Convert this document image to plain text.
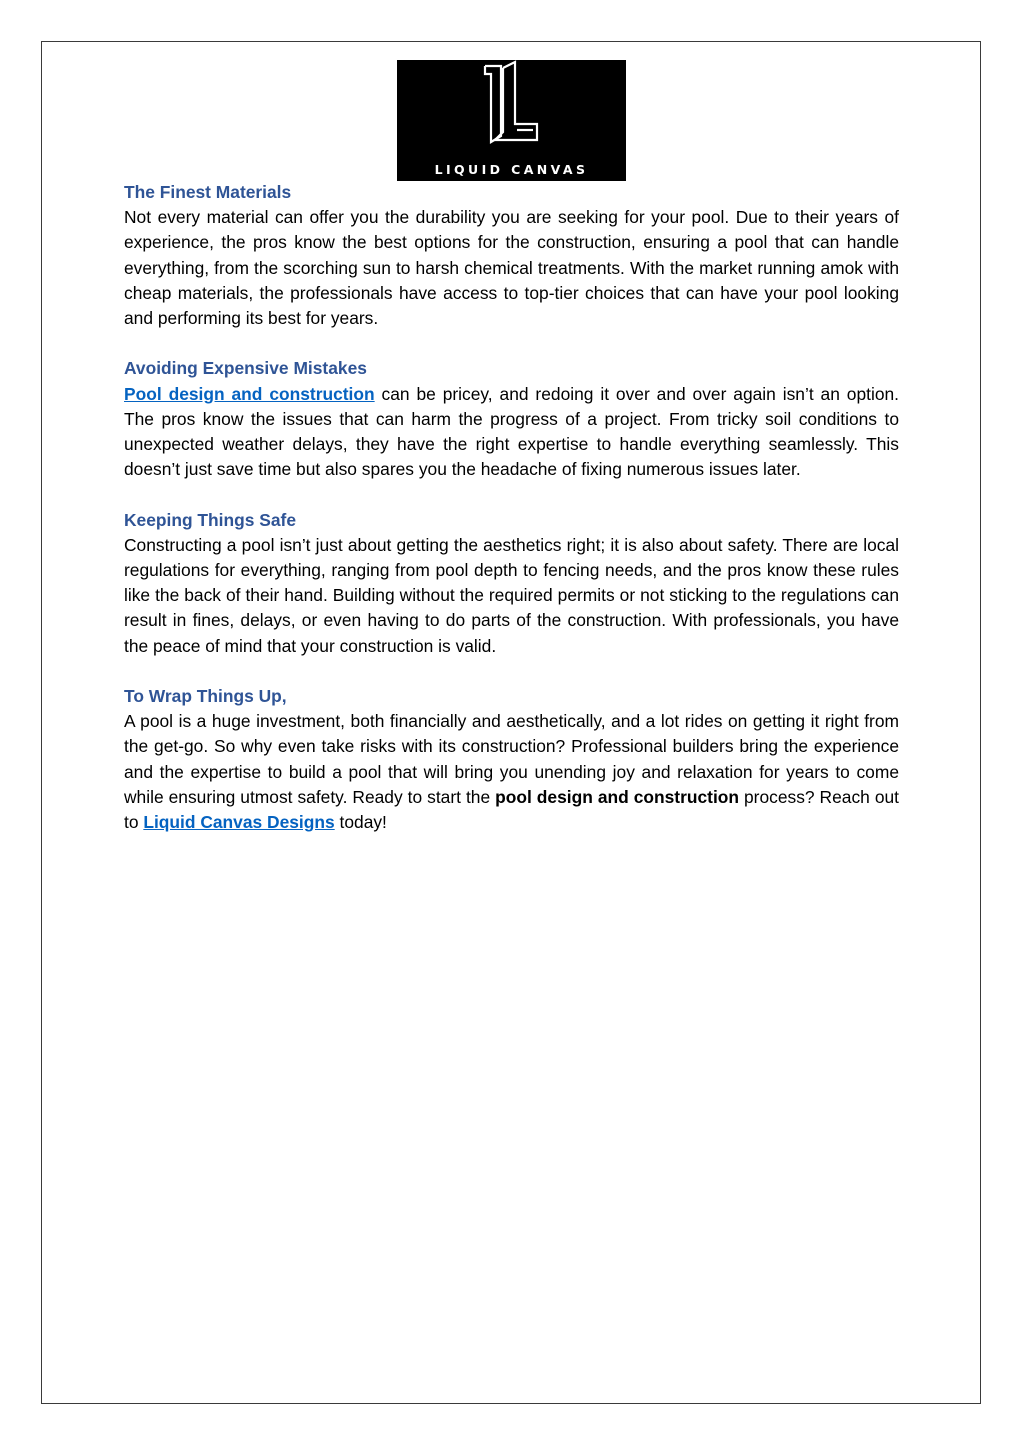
LIQUID CANVAS DESIGNS
The Finest Materials

Not every material can offer you the durability you are seeking for your pool. Due to their years of experience, the pros know the best options for the construction, ensuring a pool that can handle everything, from the scorching sun to harsh chemical treatments. With the market running amok with cheap materials, the professionals have access to top-tier choices that can have your pool looking and performing its best for years.

Avoiding Expensive Mistakes

Pool design and construction can be pricey, and redoing it over and over again isn’t an option. The pros know the issues that can harm the progress of a project. From tricky soil conditions to unexpected weather delays, they have the right expertise to handle everything seamlessly. This doesn’t just save time but also spares you the headache of fixing numerous issues later.

Keeping Things Safe

Constructing a pool isn’t just about getting the aesthetics right; it is also about safety. There are local regulations for everything, ranging from pool depth to fencing needs, and the pros know these rules like the back of their hand. Building without the required permits or not sticking to the regulations can result in fines, delays, or even having to do parts of the construction. With professionals, you have the peace of mind that your construction is valid.

To Wrap Things Up,

A pool is a huge investment, both financially and aesthetically, and a lot rides on getting it right from the get-go. So why even take risks with its construction? Professional builders bring the experience and the expertise to build a pool that will bring you unending joy and relaxation for years to come while ensuring utmost safety. Ready to start the pool design and construction process? Reach out to Liquid Canvas Designs today!
